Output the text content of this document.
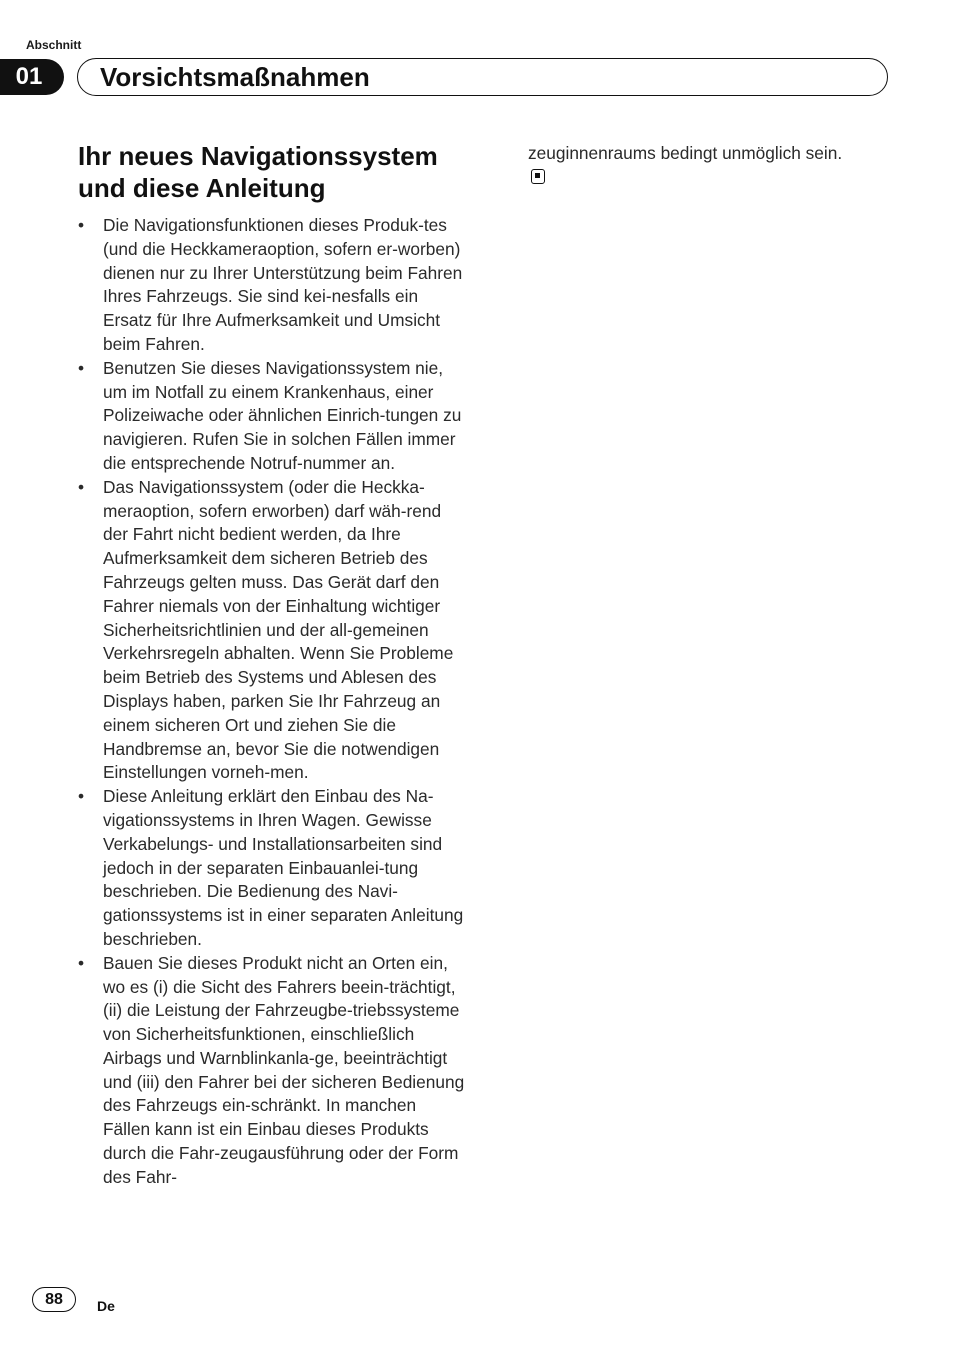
Abschnitt
01	Vorsichtsmaßnahmen
Ihr neues Navigationssystem und diese Anleitung
•	Die Navigationsfunktionen dieses Produk-tes (und die Heckkameraoption, sofern er-worben) dienen nur zu Ihrer Unterstützung beim Fahren Ihres Fahrzeugs. Sie sind kei-nesfalls ein Ersatz für Ihre Aufmerksamkeit und Umsicht beim Fahren.
•	Benutzen Sie dieses Navigationssystem nie, um im Notfall zu einem Krankenhaus, einer Polizeiwache oder ähnlichen Einrich-tungen zu navigieren. Rufen Sie in solchen Fällen immer die entsprechende Notruf-nummer an.
•	Das Navigationssystem (oder die Heckka-meraoption, sofern erworben) darf wäh-rend der Fahrt nicht bedient werden, da Ihre Aufmerksamkeit dem sicheren Betrieb des Fahrzeugs gelten muss. Das Gerät darf den Fahrer niemals von der Einhaltung wichtiger Sicherheitsrichtlinien und der all-gemeinen Verkehrsregeln abhalten. Wenn Sie Probleme beim Betrieb des Systems und Ablesen des Displays haben, parken Sie Ihr Fahrzeug an einem sicheren Ort und ziehen Sie die Handbremse an, bevor Sie die notwendigen Einstellungen vorneh-men.
•	Diese Anleitung erklärt den Einbau des Na-vigationssystems in Ihren Wagen. Gewisse Verkabelungs- und Installationsarbeiten sind jedoch in der separaten Einbauanlei-tung beschrieben. Die Bedienung des Navi-gationssystems ist in einer separaten Anleitung beschrieben.
•	Bauen Sie dieses Produkt nicht an Orten ein, wo es (i) die Sicht des Fahrers beein-trächtigt, (ii) die Leistung der Fahrzeugbe-triebssysteme von Sicherheitsfunktionen, einschließlich Airbags und Warnblinkanla-ge, beeinträchtigt und (iii) den Fahrer bei der sicheren Bedienung des Fahrzeugs ein-schränkt. In manchen Fällen kann ist ein Einbau dieses Produkts durch die Fahr-zeugausführung oder der Form des Fahr-

zeuginnenraums bedingt unmöglich sein.

88	De
